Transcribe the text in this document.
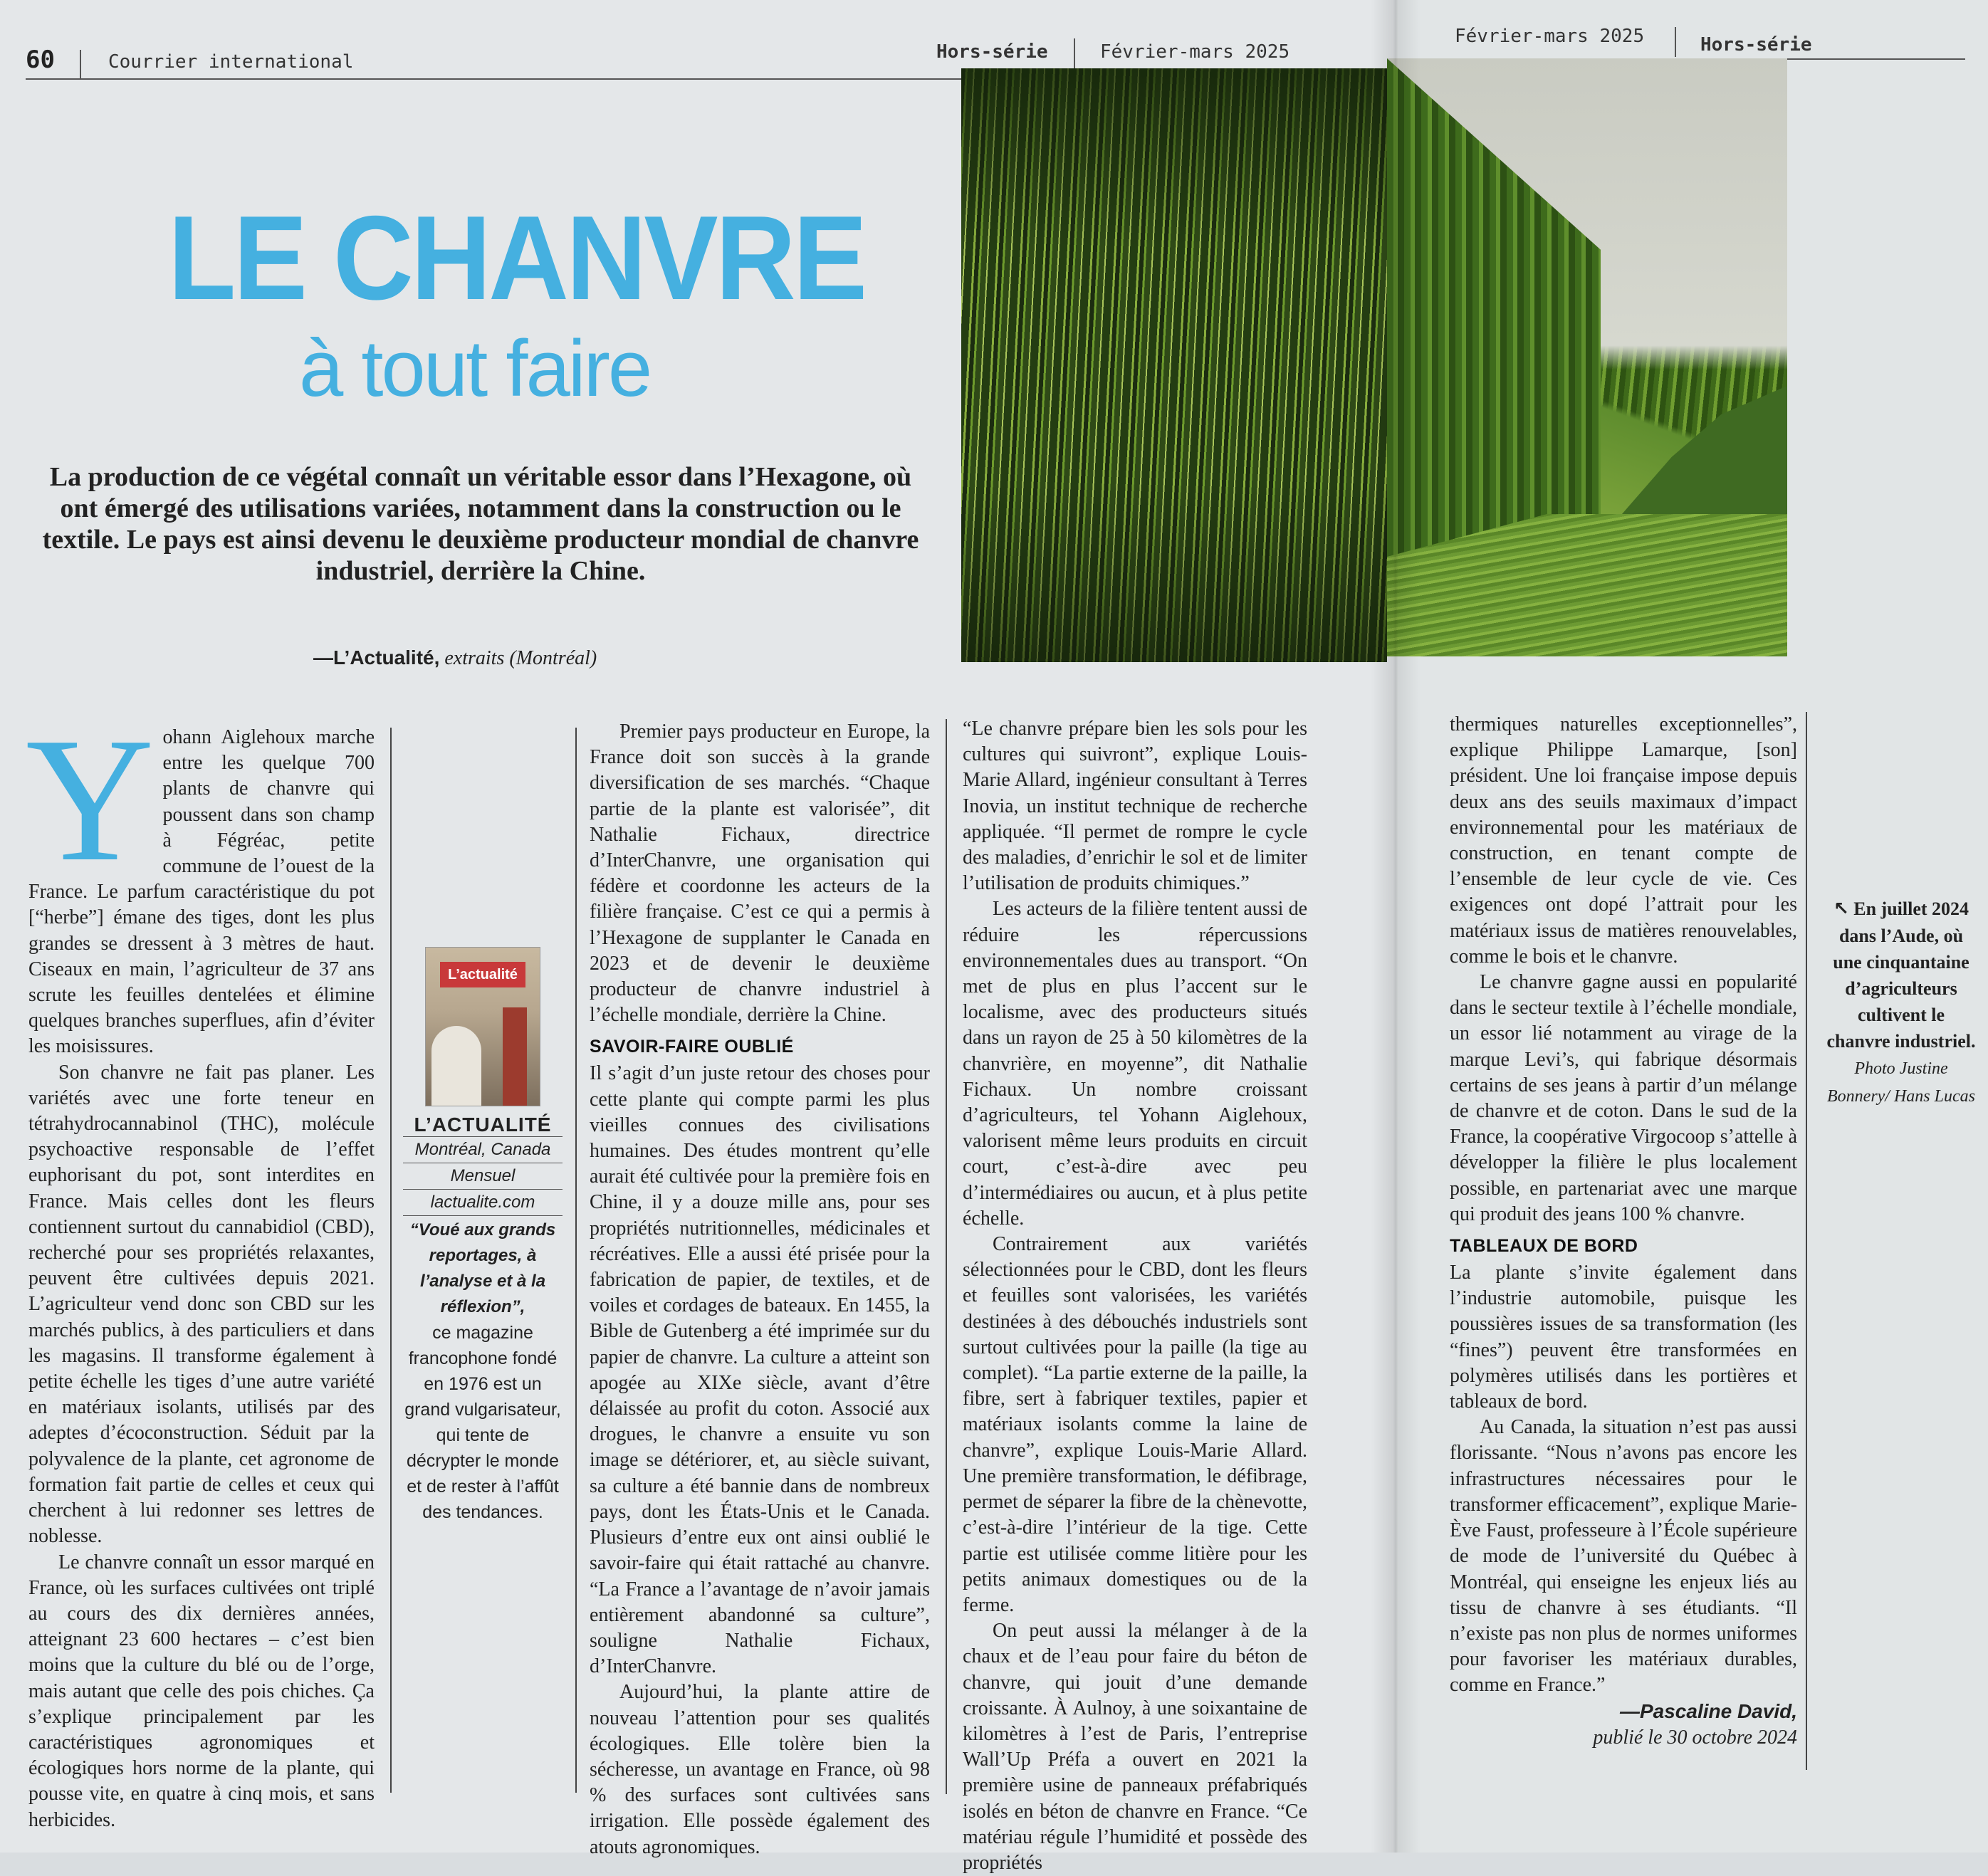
60	Courrier international	Hors-série	Février-mars 2025
Février-mars 2025	Hors-série
LE CHANVRE
à tout faire
La production de ce végétal connaît un véritable essor dans l’Hexagone, où ont émergé des utilisations variées, notamment dans la construction ou le textile. Le pays est ainsi devenu le deuxième producteur mondial de chanvre industriel, derrière la Chine.
—L’Actualité, extraits (Montréal)
Y ohann Aiglehoux marche entre les quelque 700 plants de chanvre qui poussent dans son champ à Fégréac, petite commune de l’ouest de la France. Le parfum caractéristique du pot [“herbe”] émane des tiges, dont les plus grandes se dressent à 3 mètres de haut. Ciseaux en main, l’agriculteur de 37 ans scrute les feuilles dentelées et élimine quelques branches superflues, afin d’éviter les moisissures.

Son chanvre ne fait pas planer. Les variétés avec une forte teneur en tétrahydrocannabinol (THC), molécule psychoactive responsable de l’effet euphorisant du pot, sont interdites en France. Mais celles dont les fleurs contiennent surtout du cannabidiol (CBD), recherché pour ses propriétés relaxantes, peuvent être cultivées depuis 2021. L’agriculteur vend donc son CBD sur les marchés publics, à des particuliers et dans les magasins. Il transforme également à petite échelle les tiges d’une autre variété en matériaux isolants, utilisés par des adeptes d’écoconstruction. Séduit par la polyvalence de la plante, cet agronome de formation fait partie de celles et ceux qui cherchent à lui redonner ses lettres de noblesse.

Le chanvre connaît un essor marqué en France, où les surfaces cultivées ont triplé au cours des dix dernières années, atteignant 23 600 hectares – c’est bien moins que la culture du blé ou de l’orge, mais autant que celle des pois chiches. Ça s’explique principalement par les caractéristiques agronomiques et écologiques hors norme de la plante, qui pousse vite, en quatre à cinq mois, et sans herbicides.

L’actualité
L’ACTUALITÉ
Montréal, Canada
Mensuel
lactualite.com
“Voué aux grands reportages, à l’analyse et à la réflexion”,
ce magazine francophone fondé en 1976 est un grand vulgarisateur, qui tente de décrypter le monde et de rester à l’affût des tendances.

Premier pays producteur en Europe, la France doit son succès à la grande diversification de ses marchés. “Chaque partie de la plante est valorisée”, dit Nathalie Fichaux, directrice d’InterChanvre, une organisation qui fédère et coordonne les acteurs de la filière française. C’est ce qui a permis à l’Hexagone de supplanter le Canada en 2023 et de devenir le deuxième producteur de chanvre industriel à l’échelle mondiale, derrière la Chine.

SAVOIR-FAIRE OUBLIÉ

Il s’agit d’un juste retour des choses pour cette plante qui compte parmi les plus vieilles connues des civilisations humaines. Des études montrent qu’elle aurait été cultivée pour la première fois en Chine, il y a douze mille ans, pour ses propriétés nutritionnelles, médicinales et récréatives. Elle a aussi été prisée pour la fabrication de papier, de textiles, et de voiles et cordages de bateaux. En 1455, la Bible de Gutenberg a été imprimée sur du papier de chanvre. La culture a atteint son apogée au XIXe siècle, avant d’être délaissée au profit du coton. Associé aux drogues, le chanvre a ensuite vu son image se détériorer, et, au siècle suivant, sa culture a été bannie dans de nombreux pays, dont les États-Unis et le Canada. Plusieurs d’entre eux ont ainsi oublié le savoir-faire qui était rattaché au chanvre. “La France a l’avantage de n’avoir jamais entièrement abandonné sa culture”, souligne Nathalie Fichaux, d’InterChanvre.

Aujourd’hui, la plante attire de nouveau l’attention pour ses qualités écologiques. Elle tolère bien la sécheresse, un avantage en France, où 98 % des surfaces sont cultivées sans irrigation. Elle possède également des atouts agronomiques.

“Le chanvre prépare bien les sols pour les cultures qui suivront”, explique Louis-Marie Allard, ingénieur consultant à Terres Inovia, un institut technique de recherche appliquée. “Il permet de rompre le cycle des maladies, d’enrichir le sol et de limiter l’utilisation de produits chimiques.”

Les acteurs de la filière tentent aussi de réduire les répercussions environnementales dues au transport. “On met de plus en plus l’accent sur le localisme, avec des producteurs situés dans un rayon de 25 à 50 kilomètres de la chanvrière, en moyenne”, dit Nathalie Fichaux. Un nombre croissant d’agriculteurs, tel Yohann Aiglehoux, valorisent même leurs produits en circuit court, c’est-à-dire avec peu d’intermédiaires ou aucun, et à plus petite échelle.

Contrairement aux variétés sélectionnées pour le CBD, dont les fleurs et feuilles sont valorisées, les variétés destinées à des débouchés industriels sont surtout cultivées pour la paille (la tige au complet). “La partie externe de la paille, la fibre, sert à fabriquer textiles, papier et matériaux isolants comme la laine de chanvre”, explique Louis-Marie Allard. Une première transformation, le défibrage, permet de séparer la fibre de la chènevotte, c’est-à-dire l’intérieur de la tige. Cette partie est utilisée comme litière pour les petits animaux domestiques ou de la ferme.

On peut aussi la mélanger à de la chaux et de l’eau pour faire du béton de chanvre, qui jouit d’une demande croissante. À Aulnoy, à une soixantaine de kilomètres à l’est de Paris, l’entreprise Wall’Up Préfa a ouvert en 2021 la première usine de panneaux préfabriqués isolés en béton de chanvre en France. “Ce matériau régule l’humidité et possède des propriétés

thermiques naturelles exceptionnelles”, explique Philippe Lamarque, [son] président. Une loi française impose depuis deux ans des seuils maximaux d’impact environnemental pour les matériaux de construction, en tenant compte de l’ensemble de leur cycle de vie. Ces exigences ont dopé l’attrait pour les matériaux issus de matières renouvelables, comme le bois et le chanvre.

Le chanvre gagne aussi en popularité dans le secteur textile à l’échelle mondiale, un essor lié notamment au virage de la marque Levi’s, qui fabrique désormais certains de ses jeans à partir d’un mélange de chanvre et de coton. Dans le sud de la France, la coopérative Virgocoop s’attelle à développer la filière le plus localement possible, en partenariat avec une marque qui produit des jeans 100 % chanvre.

TABLEAUX DE BORD

La plante s’invite également dans l’industrie automobile, puisque les poussières issues de sa transformation (les “fines”) peuvent être transformées en polymères utilisés dans les portières et tableaux de bord.

Au Canada, la situation n’est pas aussi florissante. “Nous n’avons pas encore les infrastructures nécessaires pour le transformer efficacement”, explique Marie-Ève Faust, professeure à l’École supérieure de mode de l’université du Québec à Montréal, qui enseigne les enjeux liés au tissu de chanvre à ses étudiants. “Il n’existe pas non plus de normes uniformes pour favoriser les matériaux durables, comme en France.”

—Pascaline David,
publié le 30 octobre 2024
↖ En juillet 2024 dans l’Aude, où une cinquantaine d’agriculteurs cultivent le chanvre industriel. Photo Justine Bonnery/ Hans Lucas
